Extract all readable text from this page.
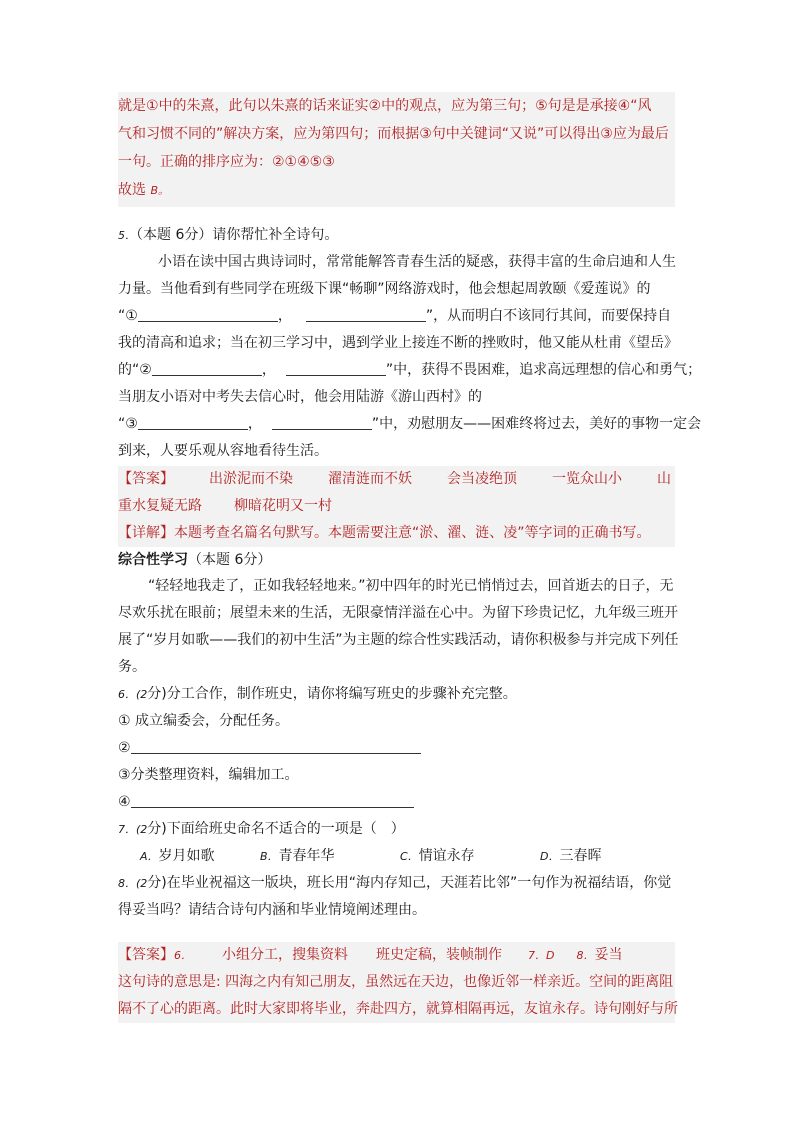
就是①中的朱熹，此句以朱熹的话来证实②中的观点，应为第三句；⑤句是是承接④“风
气和习惯不同的”解决方案，应为第四句；而根据③句中关键词“又说”可以得出③应为最后
一句。正确的排序应为：②①④⑤③
故选 B。
5．（本题 6分）请你帮忙补全诗句。
小语在读中国古典诗词时，常常能解答青春生活的疑惑，获得丰富的生命启迪和人生
力量。当他看到有些同学在班级下课“畅聊”网络游戏时，他会想起周敦颐《爱莲说》的
“①	，	”，从而明白不该同行其间，而要保持自
我的清高和追求；当在初三学习中，遇到学业上接连不断的挫败时，他又能从杜甫《望岳》
的“②	，	”中，获得不畏困难，追求高远理想的信心和勇气；
当朋友小语对中考失去信心时，他会用陆游《游山西村》的
“③	，	”中，劝慰朋友——困难终将过去，美好的事物一定会
到来，人要乐观从容地看待生活。
【答案】	出淤泥而不染	濯清涟而不妖	会当凌绝顶	一览众山小	山
重水复疑无路 柳暗花明又一村
【详解】本题考查名篇名句默写。本题需要注意“淤、濯、涟、凌”等字词的正确书写。
综合性学习（本题 6分）
“轻轻地我走了，正如我轻轻地来。”初中四年的时光已悄悄过去，回首逝去的日子，无
尽欢乐扰在眼前；展望未来的生活，无限豪情洋溢在心中。为留下珍贵记忆，九年级三班开
展了“岁月如歌——我们的初中生活”为主题的综合性实践活动，请你积极参与并完成下列任
务。
6．(2分)分工合作，制作班史，请你将编写班史的步骤补充完整。
① 成立编委会，分配任务。
②
③分类整理资料，编辑加工。
④
7．(2分)下面给班史命名不适合的一项是（　）
A．岁月如歌	B．青春年华	C．情谊永存	D．三春晖
8．(2分)在毕业祝福这一版块，班长用“海内存知己，天涯若比邻”一句作为祝福结语，你觉
得妥当吗？请结合诗句内涵和毕业情境阐述理由。
【答案】6． 小组分工，搜集资料 班史定稿，装帧制作 7．D 8．妥当
这句诗的意思是: 四海之内有知己朋友，虽然远在天边，也像近邻一样亲近。空间的距离阻
隔不了心的距离。此时大家即将毕业，奔赴四方，就算相隔再远，友谊永存。诗句刚好与所
